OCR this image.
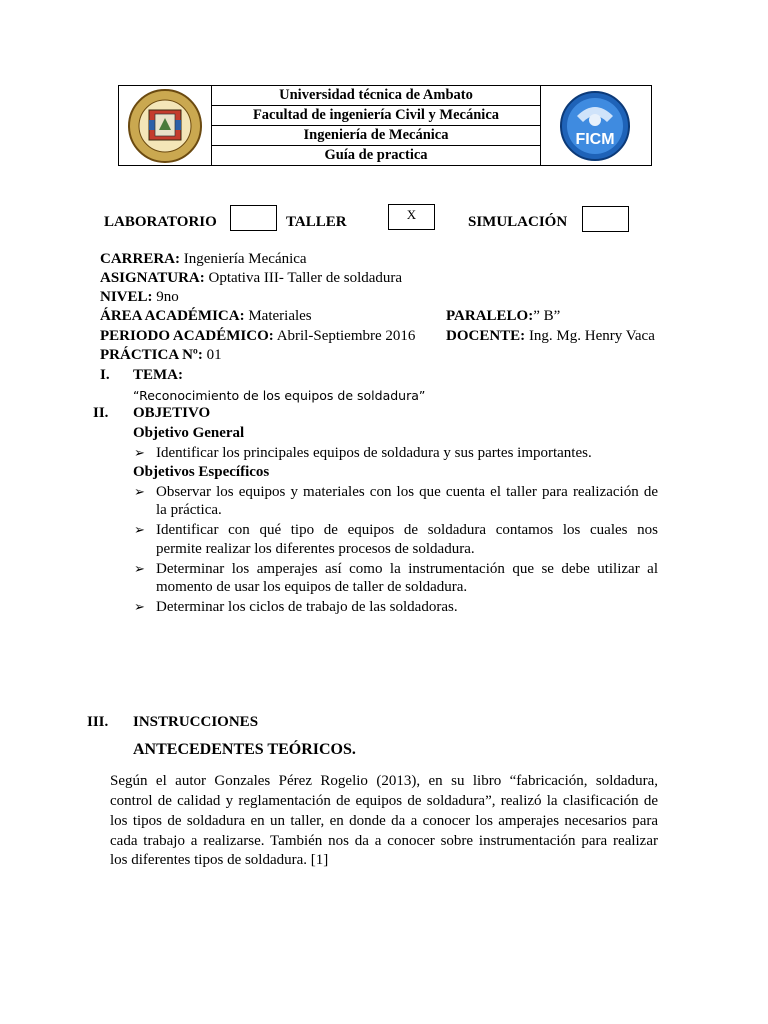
Universidad técnica de Ambato
Facultad de ingeniería Civil y Mecánica
Ingeniería de Mecánica
Guía de practica
FICM
LABORATORIO	TALLER	X	SIMULACIÓN
CARRERA: Ingeniería Mecánica
ASIGNATURA: Optativa III- Taller de soldadura
NIVEL: 9no
ÁREA ACADÉMICA: Materiales	PARALELO:” B”
PERIODO ACADÉMICO: Abril-Septiembre 2016 DOCENTE: Ing. Mg. Henry Vaca
PRÁCTICA Nº: 01
I. TEMA:
“Reconocimiento de los equipos de soldadura”
II. OBJETIVO
Objetivo General
➢ Identificar los principales equipos de soldadura y sus partes importantes.
Objetivos Específicos
➢ Observar los equipos y materiales con los que cuenta el taller para realización de
la práctica.
➢ Identificar con qué tipo de equipos de soldadura contamos los cuales nos
permite realizar los diferentes procesos de soldadura.
➢ Determinar los amperajes así como la instrumentación que se debe utilizar al
momento de usar los equipos de taller de soldadura.
➢ Determinar los ciclos de trabajo de las soldadoras.
III. INSTRUCCIONES
ANTECEDENTES TEÓRICOS.
Según el autor Gonzales Pérez Rogelio (2013), en su libro “fabricación, soldadura,
control de calidad y reglamentación de equipos de soldadura”, realizó la clasificación de
los tipos de soldadura en un taller, en donde da a conocer los amperajes necesarios para
cada trabajo a realizarse. También nos da a conocer sobre instrumentación para realizar
los diferentes tipos de soldadura. [1]
